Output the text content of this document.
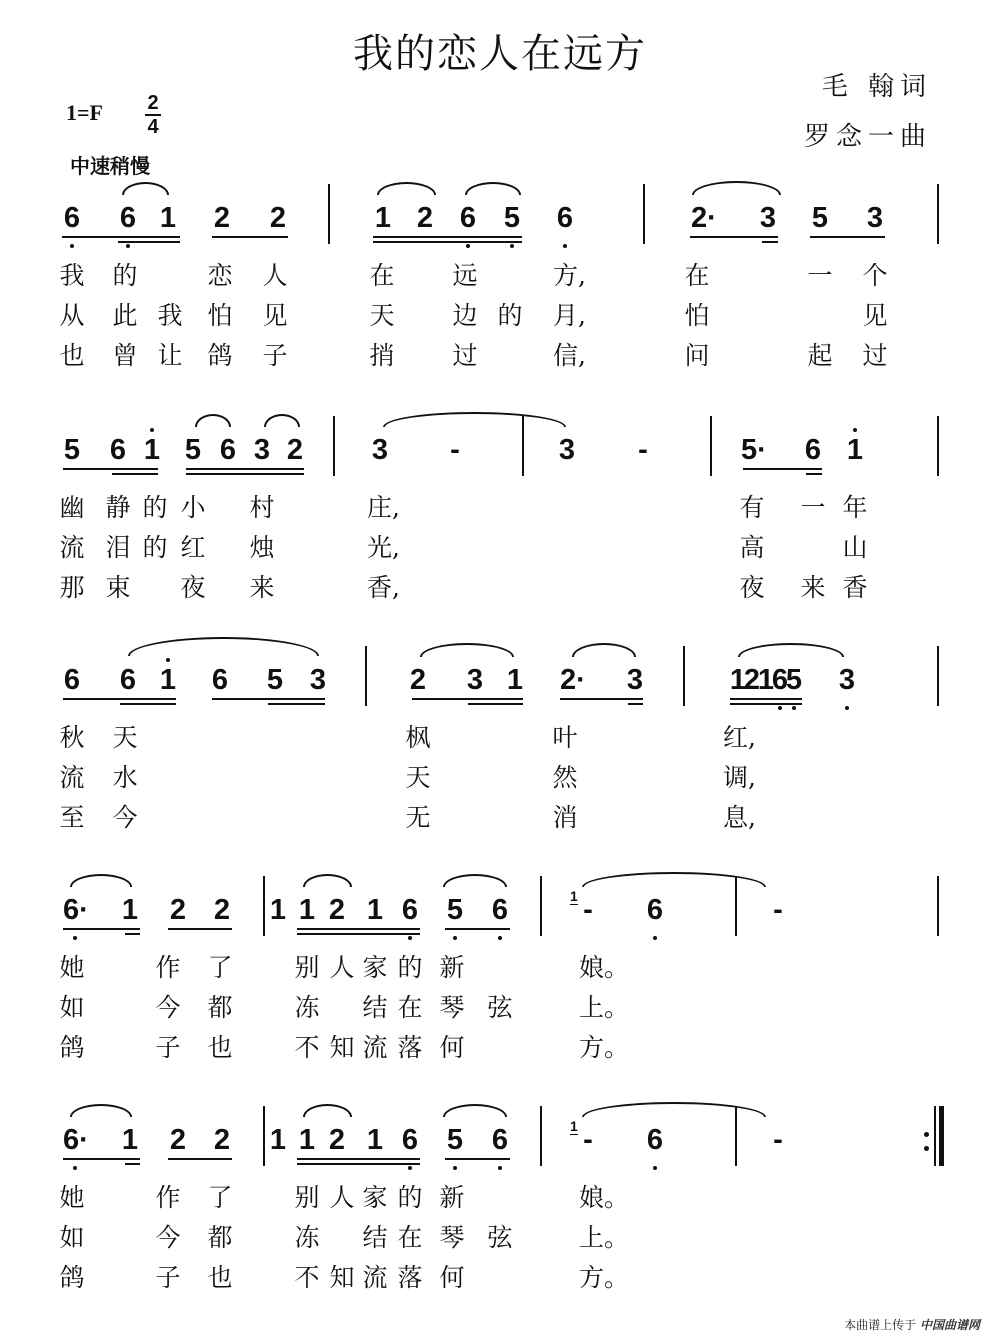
我的恋人在远方
毛 翰词
罗念一曲
1=F 2
4
中速稍慢
6 6 1 2 2	1 2 6 5 6	2· 3 5 3
我 的	恋 人	在 远	方,	在	一 个
从 此 我 怕 见	天 边 的 月,	怕	见
也 曾 让 鸽 子	捎 过	信,	问	起 过
5 6 1 5 6 3 2 3 -	3 -	5· 6 1
幽 静 的 小 村	庄,	有 一 年
流 泪 的 红 烛	光,	高	山
那 束 夜 来	香,	夜 来 香
6 6 1 6 5 3	2 3 1 2· 3	1
2
1
6
5 3
秋 天	枫	叶	红,
流 水	天	然	调,
至 今	无	消	息,
6· 1 2 2 1 1 2 1 6 5 6	- 6	-
1
她	作 了 别 人 家 的 新	娘。
如	今 都 冻 结 在 琴 弦	上。
鸽	子 也 不 知 流 落 何	方。
6· 1 2 2 1 1 2 1 6 5 6	- 6	-
1
她	作 了 别 人 家 的 新	娘。
如	今 都 冻 结 在 琴 弦	上。
鸽	子 也 不 知 流 落 何	方。
本曲谱上传于 中国曲谱网
